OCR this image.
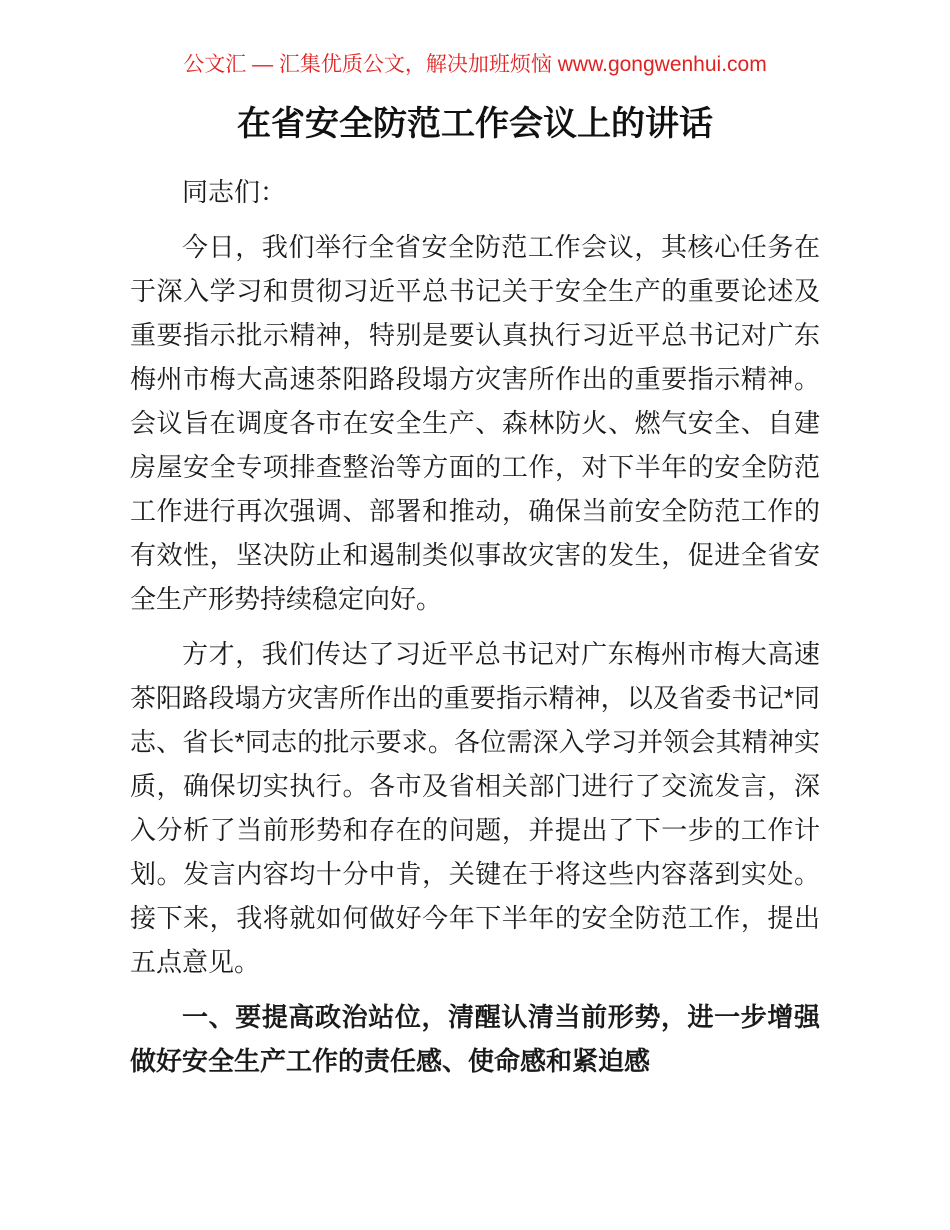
公文汇 — 汇集优质公文，解决加班烦恼 www.gongwenhui.com
在省安全防范工作会议上的讲话

同志们：

今日，我们举行全省安全防范工作会议，其核心任务在于深入学习和贯彻习近平总书记关于安全生产的重要论述及重要指示批示精神，特别是要认真执行习近平总书记对广东梅州市梅大高速茶阳路段塌方灾害所作出的重要指示精神。会议旨在调度各市在安全生产、森林防火、燃气安全、自建房屋安全专项排查整治等方面的工作，对下半年的安全防范工作进行再次强调、部署和推动，确保当前安全防范工作的有效性，坚决防止和遏制类似事故灾害的发生，促进全省安全生产形势持续稳定向好。

方才，我们传达了习近平总书记对广东梅州市梅大高速茶阳路段塌方灾害所作出的重要指示精神，以及省委书记*同志、省长*同志的批示要求。各位需深入学习并领会其精神实质，确保切实执行。各市及省相关部门进行了交流发言，深入分析了当前形势和存在的问题，并提出了下一步的工作计划。发言内容均十分中肯，关键在于将这些内容落到实处。接下来，我将就如何做好今年下半年的安全防范工作，提出五点意见。

一、要提高政治站位，清醒认清当前形势，进一步增强做好安全生产工作的责任感、使命感和紧迫感
